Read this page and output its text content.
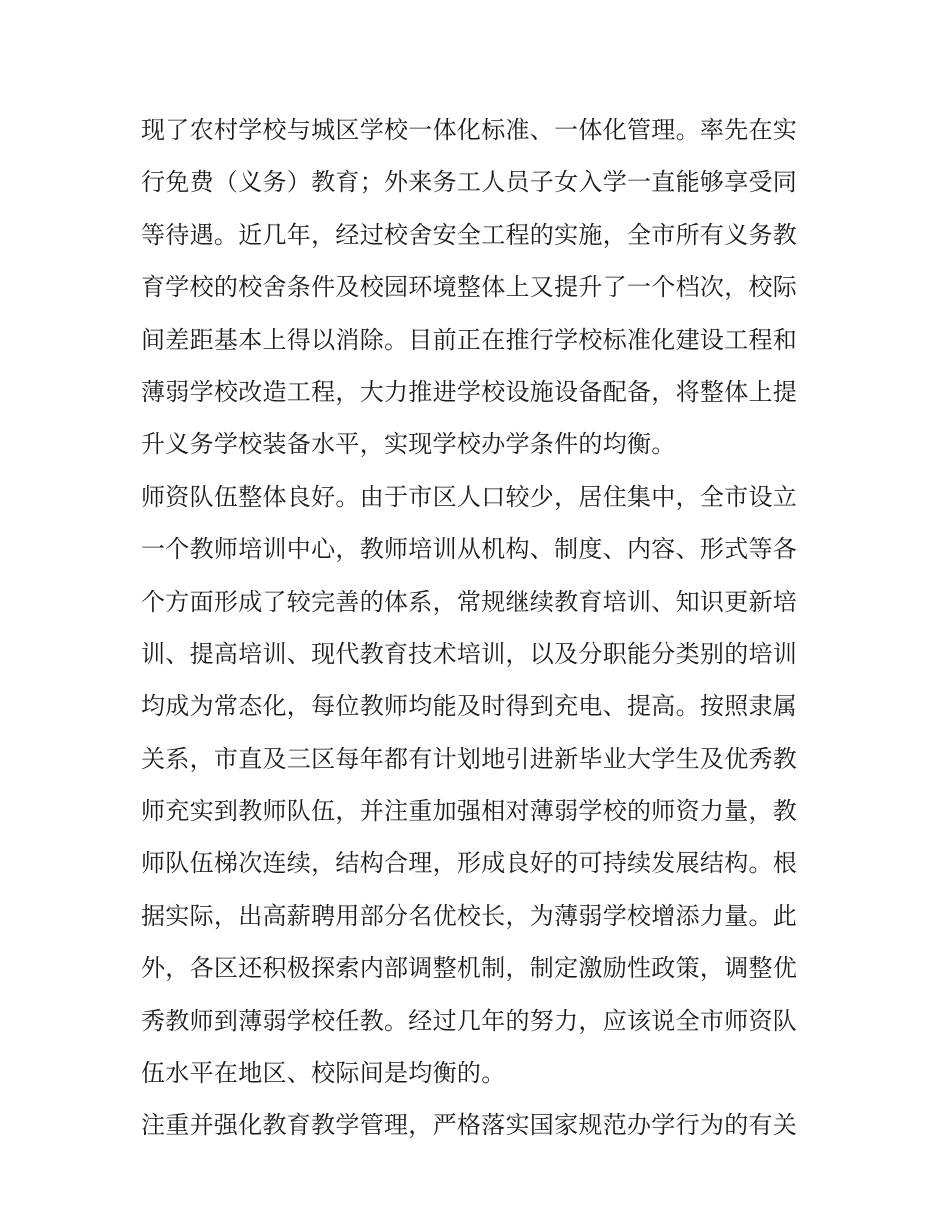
现了农村学校与城区学校一体化标准、一体化管理。率先在实
行免费（义务）教育；外来务工人员子女入学一直能够享受同
等待遇。近几年，经过校舍安全工程的实施，全市所有义务教
育学校的校舍条件及校园环境整体上又提升了一个档次，校际
间差距基本上得以消除。目前正在推行学校标准化建设工程和
薄弱学校改造工程，大力推进学校设施设备配备，将整体上提
升义务学校装备水平，实现学校办学条件的均衡。
师资队伍整体良好。由于市区人口较少，居住集中，全市设立
一个教师培训中心，教师培训从机构、制度、内容、形式等各
个方面形成了较完善的体系，常规继续教育培训、知识更新培
训、提高培训、现代教育技术培训，以及分职能分类别的培训
均成为常态化，每位教师均能及时得到充电、提高。按照隶属
关系，市直及三区每年都有计划地引进新毕业大学生及优秀教
师充实到教师队伍，并注重加强相对薄弱学校的师资力量，教
师队伍梯次连续，结构合理，形成良好的可持续发展结构。根
据实际，出高薪聘用部分名优校长，为薄弱学校增添力量。此
外，各区还积极探索内部调整机制，制定激励性政策，调整优
秀教师到薄弱学校任教。经过几年的努力，应该说全市师资队
伍水平在地区、校际间是均衡的。
注重并强化教育教学管理，严格落实国家规范办学行为的有关
